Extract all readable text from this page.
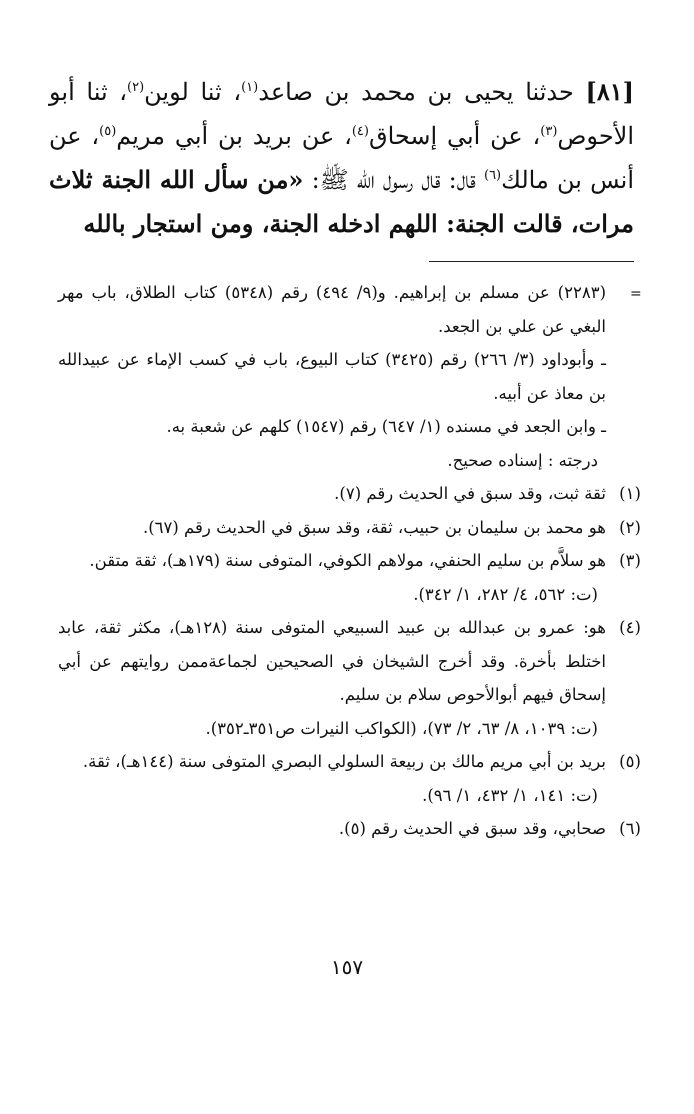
[٨١] حدثنا يحيى بن محمد بن صاعد$^{(١)}$، ثنا لوين$^{(٢)}$، ثنا أبو الأحوص$^{(٣)}$، عن أبي إسحاق$^{(٤)}$، عن بريد بن أبي مريم$^{(٥)}$، عن أنس بن مالك$^{(٦)}$ قال: قال رسول الله ﷺ: «من سأل الله الجنة ثلاث مرات، قالت الجنة: اللهم ادخله الجنة، ومن استجار بالله
=
(٢٢٨٣) عن مسلم بن إبراهيم. و(٩/ ٤٩٤) رقم (٥٣٤٨) كتاب الطلاق، باب مهر البغي عن علي بن الجعد.
ـ وأبوداود (٣/ ٢٦٦) رقم (٣٤٢٥) كتاب البيوع، باب في كسب الإماء عن عبيدالله بن معاذ عن أبيه.
ـ وابن الجعد في مسنده (١/ ٦٤٧) رقم (١٥٤٧) كلهم عن شعبة به.
درجته : إسناده صحيح.
(١)
ثقة ثبت، وقد سبق في الحديث رقم (٧).
(٢)
هو محمد بن سليمان بن حبيب، ثقة، وقد سبق في الحديث رقم (٦٧).
(٣)
هو سلاَّم بن سليم الحنفي، مولاهم الكوفي، المتوفى سنة (١٧٩هـ)، ثقة متقن.
(ت: ٥٦٢، ٤/ ٢٨٢، ١/ ٣٤٢).
(٤)
هو: عمرو بن عبدالله بن عبيد السبيعي المتوفى سنة (١٢٨هـ)، مكثر ثقة، عابد اختلط بأخرة. وقد أخرج الشيخان في الصحيحين لجماعةممن روايتهم عن أبي إسحاق فيهم أبوالأحوص سلام بن سليم.
(ت: ١٠٣٩، ٨/ ٦٣، ٢/ ٧٣)، (الكواكب النيرات ص٣٥١ـ٣٥٢).
(٥)
بريد بن أبي مريم مالك بن ربيعة السلولي البصري المتوفى سنة (١٤٤هـ)، ثقة.
(ت: ١٤١، ١/ ٤٣٢، ١/ ٩٦).
(٦)
صحابي، وقد سبق في الحديث رقم (٥).
١٥٧
